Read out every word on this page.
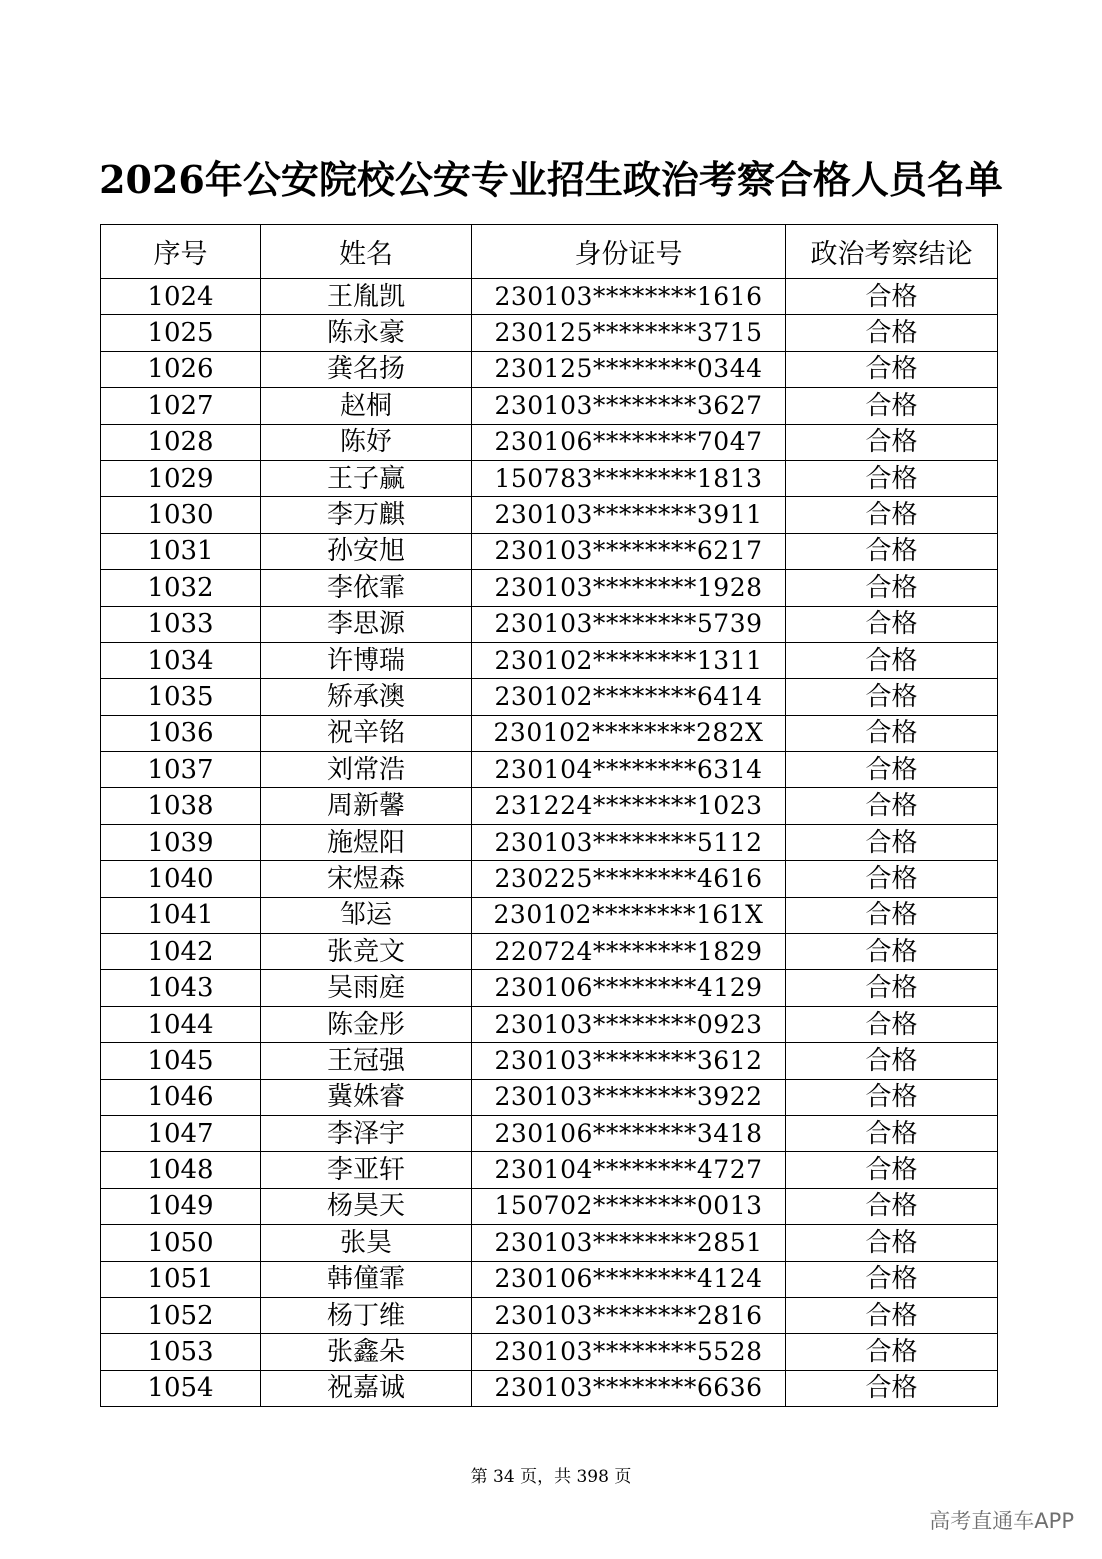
2026年公安院校公安专业招生政治考察合格人员名单
序号	姓名	身份证号	政治考察结论
1024	王胤凯	230103********1616	合格
1025	陈永豪	230125********3715	合格
1026	龚名扬	230125********0344	合格
1027	赵桐	230103********3627	合格
1028	陈妤	230106********7047	合格
1029	王子赢	150783********1813	合格
1030	李万麒	230103********3911	合格
1031	孙安旭	230103********6217	合格
1032	李依霏	230103********1928	合格
1033	李思源	230103********5739	合格
1034	许博瑞	230102********1311	合格
1035	矫承澳	230102********6414	合格
1036	祝辛铭	230102********282X	合格
1037	刘常浩	230104********6314	合格
1038	周新馨	231224********1023	合格
1039	施煜阳	230103********5112	合格
1040	宋煜森	230225********4616	合格
1041	邹运	230102********161X	合格
1042	张竞文	220724********1829	合格
1043	吴雨庭	230106********4129	合格
1044	陈金彤	230103********0923	合格
1045	王冠强	230103********3612	合格
1046	冀姝睿	230103********3922	合格
1047	李泽宇	230106********3418	合格
1048	李亚轩	230104********4727	合格
1049	杨昊天	150702********0013	合格
1050	张昊	230103********2851	合格
1051	韩僮霏	230106********4124	合格
1052	杨丁维	230103********2816	合格
1053	张鑫朵	230103********5528	合格
1054	祝嘉诚	230103********6636	合格
第 34 页，共 398 页
高考直通车APP
